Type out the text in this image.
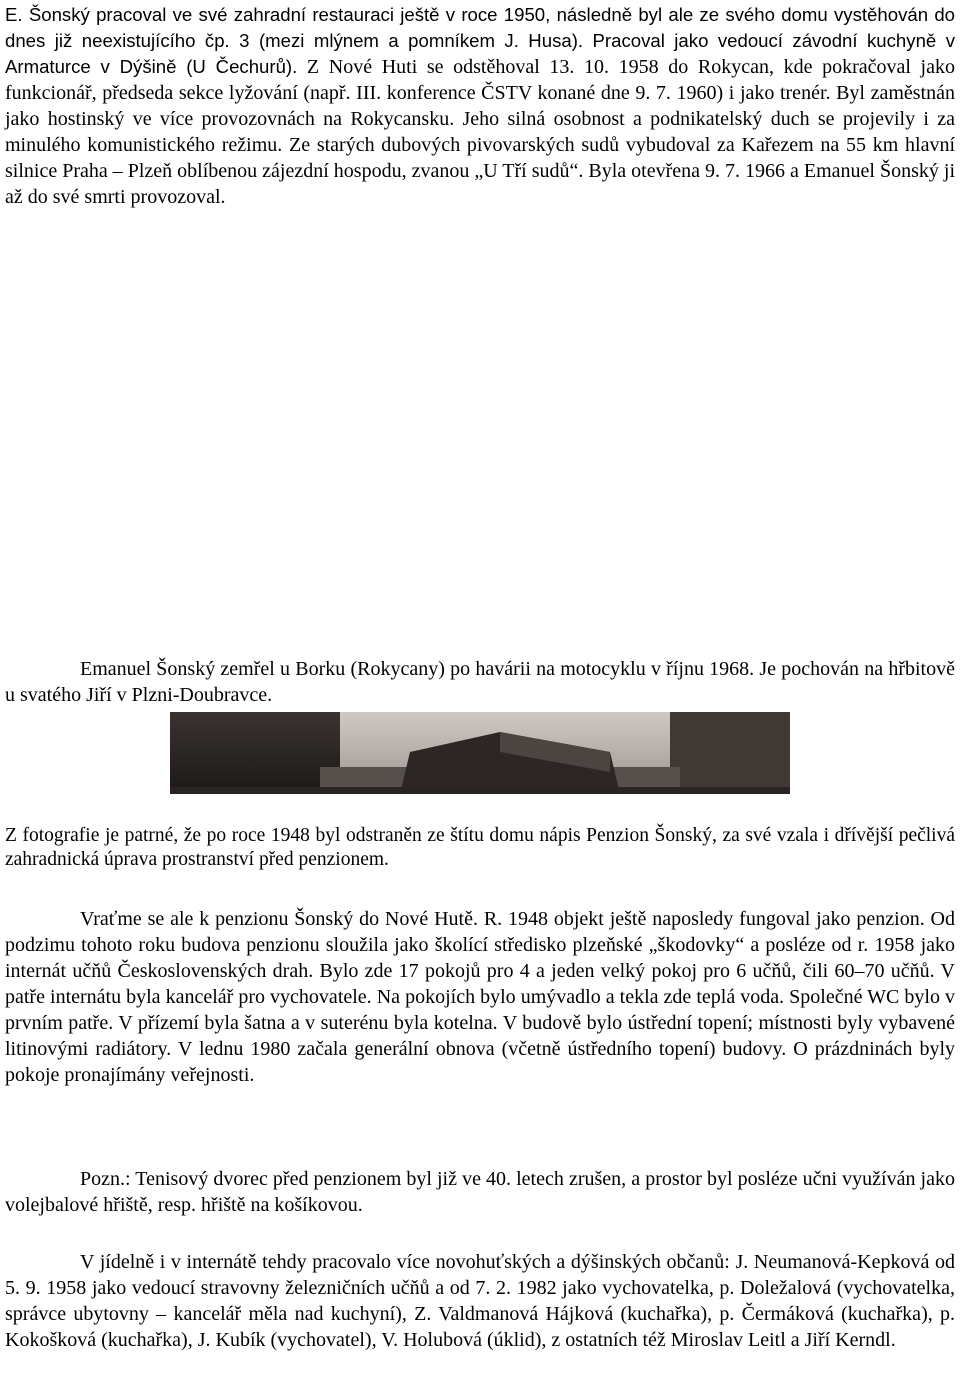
E. Šonský pracoval ve své zahradní restauraci ještě v roce 1950, následně byl ale ze svého domu vystěhován do dnes již neexistujícího čp. 3 (mezi mlýnem a pomníkem J. Husa). Pracoval jako vedoucí závodní kuchyně v Armaturce v Dýšině (U Čechurů). Z Nové Huti se odstěhoval 13. 10. 1958 do Rokycan, kde pokračoval jako funkcionář, předseda sekce lyžování (např. III. konference ČSTV konané dne 9. 7. 1960) i jako trenér. Byl zaměstnán jako hostinský ve více provozovnách na Rokycansku. Jeho silná osobnost a podnikatelský duch se projevily i za minulého komunistického režimu. Ze starých dubových pivovarských sudů vybudoval za Kařezem na 55 km hlavní silnice Praha – Plzeň oblíbenou zájezdní hospodu, zvanou „U Tří sudů“. Byla otevřena 9. 7. 1966 a Emanuel Šonský ji až do své smrti provozoval.

Emanuel Šonský zemřel u Borku (Rokycany) po havárii na motocyklu v říjnu 1968. Je pochován na hřbitově u svatého Jiří v Plzni-Doubravce.

Z fotografie je patrné, že po roce 1948 byl odstraněn ze štítu domu nápis Penzion Šonský, za své vzala i dřívější pečlivá zahradnická úprava prostranství před penzionem.

Vraťme se ale k penzionu Šonský do Nové Hutě. R. 1948 objekt ještě naposledy fungoval jako penzion. Od podzimu tohoto roku budova penzionu sloužila jako školící středisko plzeňské „škodovky“ a posléze od r. 1958 jako internát učňů Československých drah. Bylo zde 17 pokojů pro 4 a jeden velký pokoj pro 6 učňů, čili 60–70 učňů. V patře internátu byla kancelář pro vychovatele. Na pokojích bylo umývadlo a tekla zde teplá voda. Společné WC bylo v prvním patře. V přízemí byla šatna a v suterénu byla kotelna. V budově bylo ústřední topení; místnosti byly vybavené litinovými radiátory. V lednu 1980 začala generální obnova (včetně ústředního topení) budovy. O prázdninách byly pokoje pronajímány veřejnosti.

Pozn.: Tenisový dvorec před penzionem byl již ve 40. letech zrušen, a prostor byl posléze učni využíván jako volejbalové hřiště, resp. hřiště na košíkovou.

V jídelně i v internátě tehdy pracovalo více novohuťských a dýšinských občanů: J. Neumanová-Kepková od 5. 9. 1958 jako vedoucí stravovny železničních učňů a od 7. 2. 1982 jako vychovatelka, p. Doležalová (vychovatelka, správce ubytovny – kancelář měla nad kuchyní), Z. Valdmanová Hájková (kuchařka), p. Čermáková (kuchařka), p. Kokošková (kuchařka), J. Kubík (vychovatel), V. Holubová (úklid), z ostatních též Miroslav Leitl a Jiří Kerndl.
